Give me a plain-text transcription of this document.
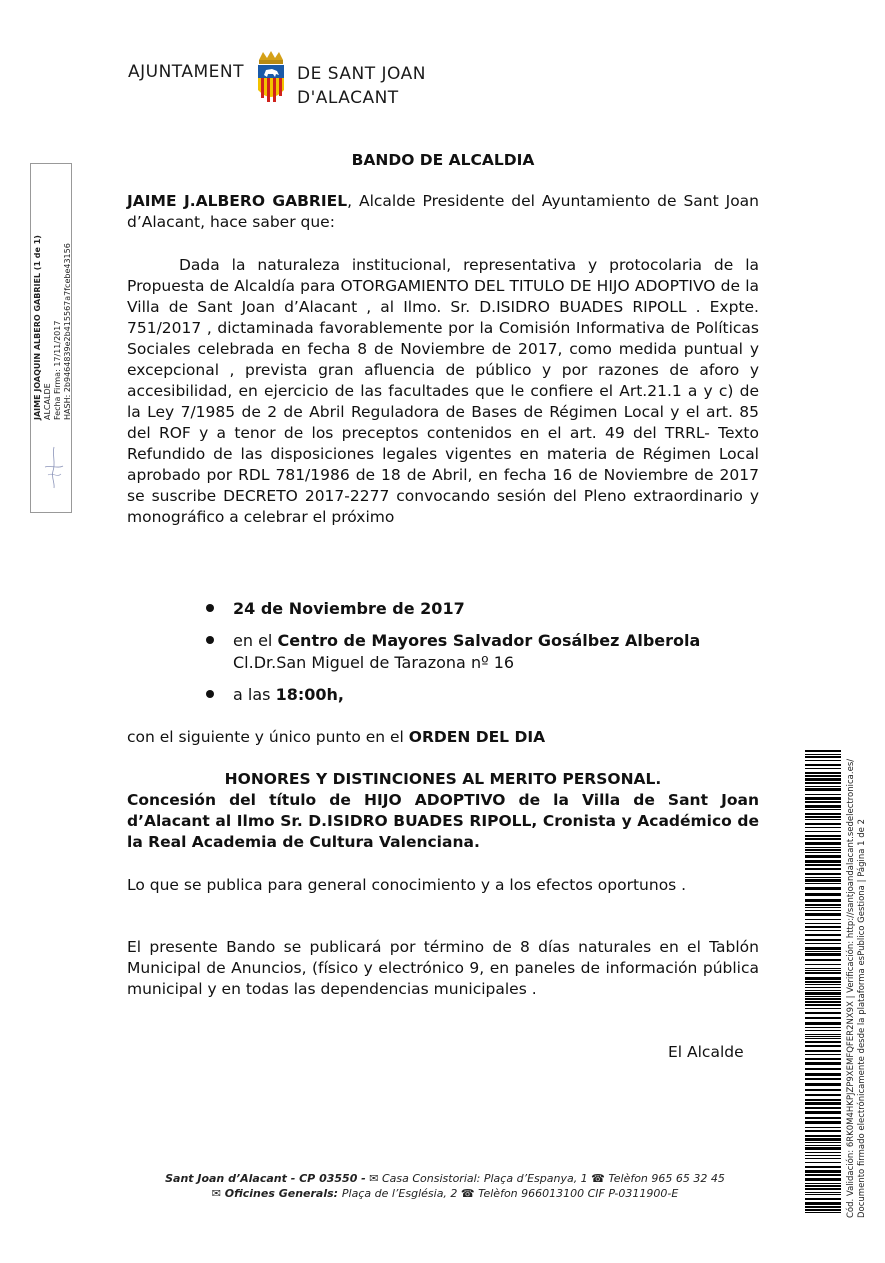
AJUNTAMENT	DE SANT JOAN
D'ALACANT
JAIME JOAQUIN ALBERO GABRIEL (1 de 1) ALCALDE Fecha Firma: 17/11/2017 HASH: 2b9464839e2b415567a7fcebe43156
BANDO DE ALCALDIA
JAIME J.ALBERO GABRIEL, Alcalde Presidente del Ayuntamiento de Sant Joan d’Alacant, hace saber que:
Dada la naturaleza institucional, representativa y protocolaria de la Propuesta de Alcaldía para OTORGAMIENTO DEL TITULO DE HIJO ADOPTIVO de la Villa de Sant Joan d’Alacant , al Ilmo. Sr. D.ISIDRO BUADES RIPOLL . Expte. 751/2017 , dictaminada favorablemente por la Comisión Informativa de Políticas Sociales celebrada en fecha 8 de Noviembre de 2017, como medida puntual y excepcional , prevista gran afluencia de público y por razones de aforo y accesibilidad, en ejercicio de las facultades que le confiere el Art.21.1 a y c) de la Ley 7/1985 de 2 de Abril Reguladora de Bases de Régimen Local y el art. 85 del ROF y a tenor de los preceptos contenidos en el art. 49 del TRRL- Texto Refundido de las disposiciones legales vigentes en materia de Régimen Local aprobado por RDL 781/1986 de 18 de Abril, en fecha 16 de Noviembre de 2017 se suscribe DECRETO 2017-2277 convocando sesión del Pleno extraordinario y monográfico a celebrar el próximo
24 de Noviembre de 2017
en el Centro de Mayores Salvador Gosálbez Alberola
Cl.Dr.San Miguel de Tarazona nº 16
a las 18:00h,
con el siguiente y único punto en el ORDEN DEL DIA
HONORES Y DISTINCIONES AL MERITO PERSONAL.
Concesión del título de HIJO ADOPTIVO de la Villa de Sant Joan d’Alacant al Ilmo Sr. D.ISIDRO BUADES RIPOLL, Cronista y Académico de la Real Academia de Cultura Valenciana.
Lo que se publica para general conocimiento y a los efectos oportunos .
El presente Bando se publicará por término de 8 días naturales en el Tablón Municipal de Anuncios, (físico y electrónico 9, en paneles de información pública municipal y en todas las dependencias municipales .
El Alcalde
Sant Joan d’Alacant - CP 03550 - ✉ Casa Consistorial: Plaça d’Espanya, 1 ☎ Telèfon 965 65 32 45
✉ Oficines Generals: Plaça de l’Església, 2 ☎ Telèfon 966013100 CIF P-0311900-E	Cód. Validación: 6RK0M4HKPJZP9XEMFQFER2NX9X | Verificación: http://santjoandalacant.sedelectronica.es/ Documento firmado electrónicamente desde la plataforma esPublico Gestiona | Página 1 de 2
